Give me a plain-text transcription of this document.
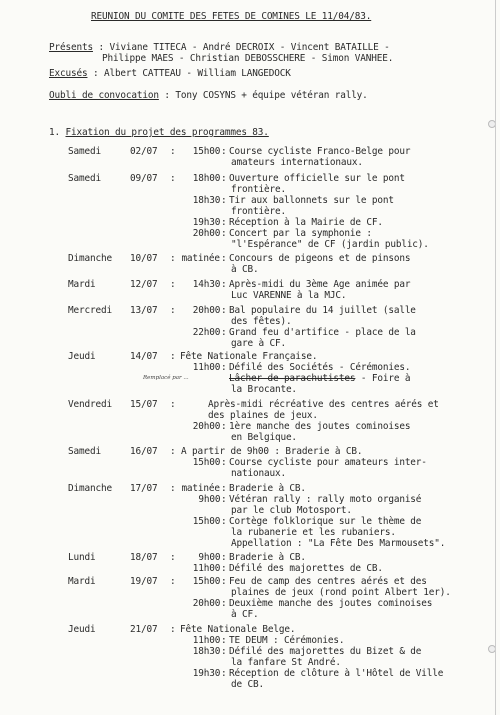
REUNION DU COMITE DES FETES DE COMINES LE 11/04/83.
Présents : Viviane TITECA - André DECROIX - Vincent BATAILLE -
Philippe MAES - Christian DEBOSSCHERE - Simon VANHEE.
Excusés : Albert CATTEAU - William LANGEDOCK
Oubli de convocation : Tony COSYNS + équipe vétéran rally.
1. Fixation du projet des programmes 83.
Samedi	02/07 : 15h00 : Course cycliste Franco-Belge pour
amateurs internationaux.
Samedi	09/07 : 18h00 : Ouverture officielle sur le pont
frontière.
18h30 : Tir aux ballonnets sur le pont
frontière.
19h30 : Réception à la Mairie de CF.
20h00 : Concert par la symphonie :
"l'Espérance" de CF (jardin public).
Dimanche 10/07 : matinée : Concours de pigeons et de pinsons
à CB.
Mardi	12/07 : 14h30 : Après-midi du 3ème Age animée par
Luc VARENNE à la MJC.
Mercredi 13/07 : 20h00 : Bal populaire du 14 juillet (salle
des fêtes).
22h00 : Grand feu d'artifice - place de la
gare à CF.
Jeudi	14/07 : Fête Nationale Française.
11h00 : Défilé des Sociétés - Cérémonies.
Lâcher de parachutistes - Foire à
la Brocante.
Vendredi 15/07 :	Après-midi récréative des centres aérés et
des plaines de jeux.
20h00 : 1ère manche des joutes cominoises
en Belgique.
Samedi	16/07 : A partir de 9h00 : Braderie à CB.
15h00 : Course cycliste pour amateurs inter-
nationaux.
Dimanche 17/07 : matinée : Braderie à CB.
9h00 : Vétéran rally : rally moto organisé
par le club Motosport.
15h00 : Cortège folklorique sur le thème de
la rubanerie et les rubaniers.
Appellation : "La Fête Des Marmousets".
Lundi	18/07 : 9h00 : Braderie à CB.
11h00 : Défilé des majorettes de CB.
Mardi	19/07 : 15h00 : Feu de camp des centres aérés et des
plaines de jeux (rond point Albert 1er).
20h00 : Deuxième manche des joutes cominoises
à CF.
Jeudi	21/07 : Fête Nationale Belge.
11h00 : TE DEUM : Cérémonies.
18h30 : Défilé des majorettes du Bizet & de
la fanfare St André.
19h30 : Réception de clôture à l'Hôtel de Ville
de CB.
Remplacé par ...
